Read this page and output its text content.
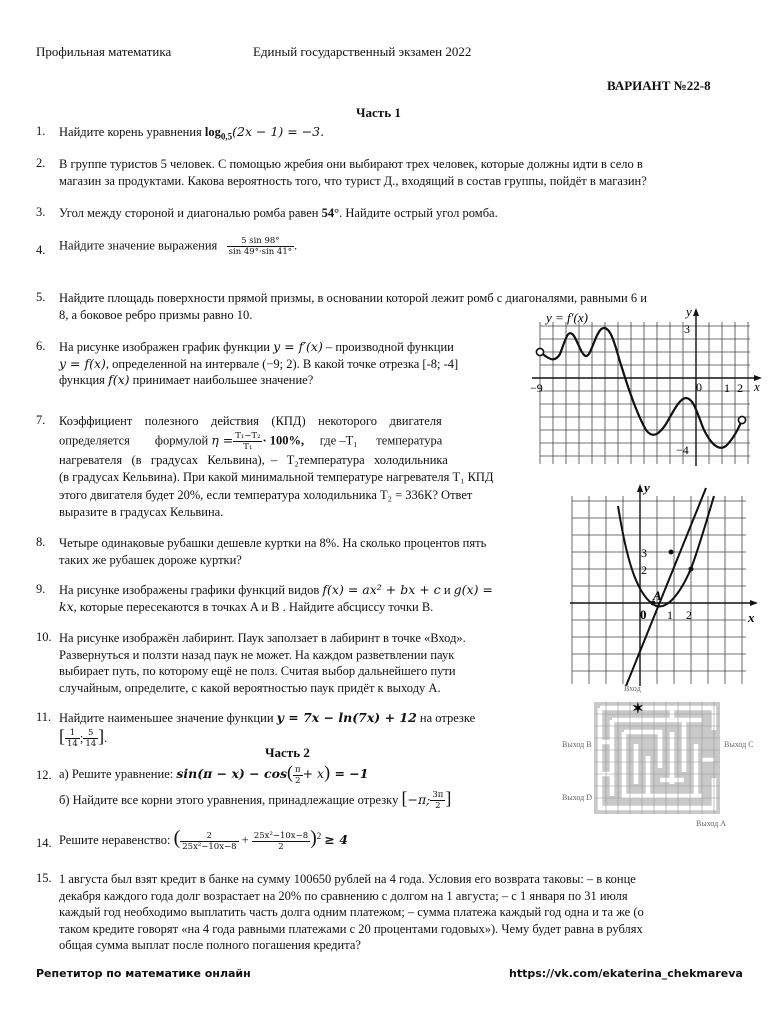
Профильная математика	Единый государственный экзамен 2022
ВАРИАНТ №22-8
Часть 1
1. Найдите корень уравнения $\log_{0,5}(2x - 1) = -3$.
2. В группе туристов 5 человек. С помощью жребия они выбирают трех человек, которые должны идти в село в
магазин за продуктами. Какова вероятность того, что турист Д., входящий в состав группы, пойдёт в магазин?
3. Угол между стороной и диагональю ромба равен 54°. Найдите острый угол ромба.
4. Найдите значение выражения $\frac{5 \sin 98^\circ}{\sin 49^\circ\cdot\sin 41^\circ}$ .
5. Найдите площадь поверхности прямой призмы, в основании которой лежит ромб с диагоналями, равными 6 и
8, а боковое ребро призмы равно 10.
6. На рисунке изображен график функции y = f′(x) – производной функции
y = f(x), определенной на интервале (−9; 2). В какой точке отрезка [-8; -4]
функция f(x) принимает наибольшее значение?
7. Коэффициент    полезного    действия    (КПД)    некоторого    двигателя
определяется        формулой $\eta = \frac{\text{T₁−T₂}}{\text{T₁}} \cdot 100\%$,     где –T₁      температура
нагревателя   (в   градусах   Кельвина),  –   T₂температура   холодильника
(в градусах Кельвина). При какой минимальной температуре нагревателя T₁ КПД
этого двигателя будет 20%, если температура холодильника T₂ = 336К? Ответ
выразите в градусах Кельвина.
8. Четыре одинаковые рубашки дешевле куртки на 8%. На сколько процентов пять
таких же рубашек дороже куртки?
9. На рисунке изображены графики функций видов f(x) = ax² + bx + c и g(x) =
kx, которые пересекаются в точках A и B . Найдите абсциссу точки B.
10. На рисунке изображён лабиринт. Паук заползает в лабиринт в точке «Вход».
Развернуться и ползти назад паук не может. На каждом разветвлении паук
выбирает путь, по которому ещё не полз. Считая выбор дальнейшего пути
случайным, определите, с какой вероятностью паук придёт к выходу А.
11. Найдите наименьшее значение функции y = 7x − ln(7x) + 12 на отрезке
[ $\frac{1}{14}$ ; $\frac{5}{14}$ ].
Часть 2
12. а) Решите уравнение: $\sin(\pi - x) - \cos( \frac{\pi}{2} + x) = -1$
б) Найдите все корни этого уравнения, принадлежащие отрезку [−π; $\frac{3\pi}{2}$ ]
14. Решите неравенство: ( $\frac{2}{\text{25x²−10x−8}} + \frac{\text{25x²−10x−8}}{2} )^2 \ge 4$
15. 1 августа был взят кредит в банке на сумму 100650 рублей на 4 года. Условия его возврата таковы: – в конце
декабря каждого года долг возрастает на 20% по сравнению с долгом на 1 августа; – с 1 января по 31 июля
каждый год необходимо выплатить часть долга одним платежом; – сумма платежа каждый год одна и та же (о
таком кредите говорят «на 4 года равными платежами с 20 процентами годовых»). Чему будет равна в рублях
общая сумма выплат после полного погашения кредита?
Репетитор по математике онлайн	https://vk.com/ekaterina_chekmareva
y = f′(x)	y
x
−9	0 1 2
3
−4
y
x
0 1 2
2
3
A
Вход
✶
Выход B	Выход C
Выход D
Выход А
